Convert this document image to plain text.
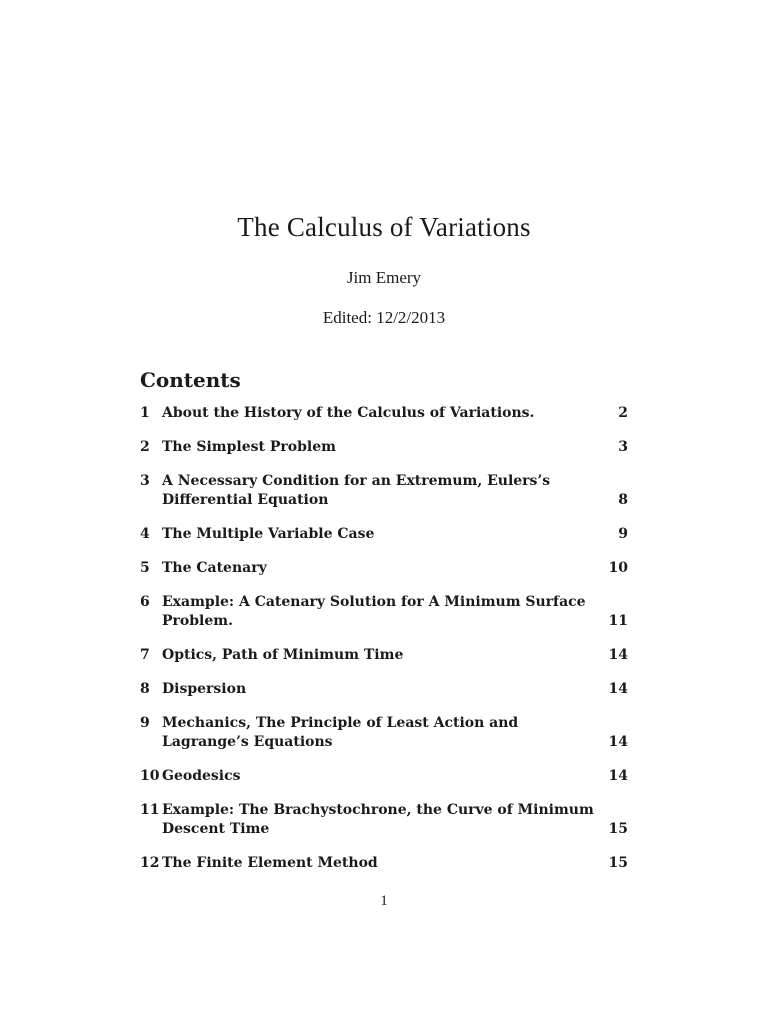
The Calculus of Variations
Jim Emery
Edited: 12/2/2013
Contents
1 About the History of the Calculus of Variations.	2
2 The Simplest Problem	3
3 A Necessary Condition for an Extremum, Eulers’s Differential Equation	8
4 The Multiple Variable Case	9
5 The Catenary	10
6 Example: A Catenary Solution for A Minimum Surface Problem.	11
7 Optics, Path of Minimum Time	14
8 Dispersion	14
9 Mechanics, The Principle of Least Action and Lagrange’s Equations	14
10 Geodesics	14
11 Example: The Brachystochrone, the Curve of Minimum Descent Time	15
12 The Finite Element Method	15
1
